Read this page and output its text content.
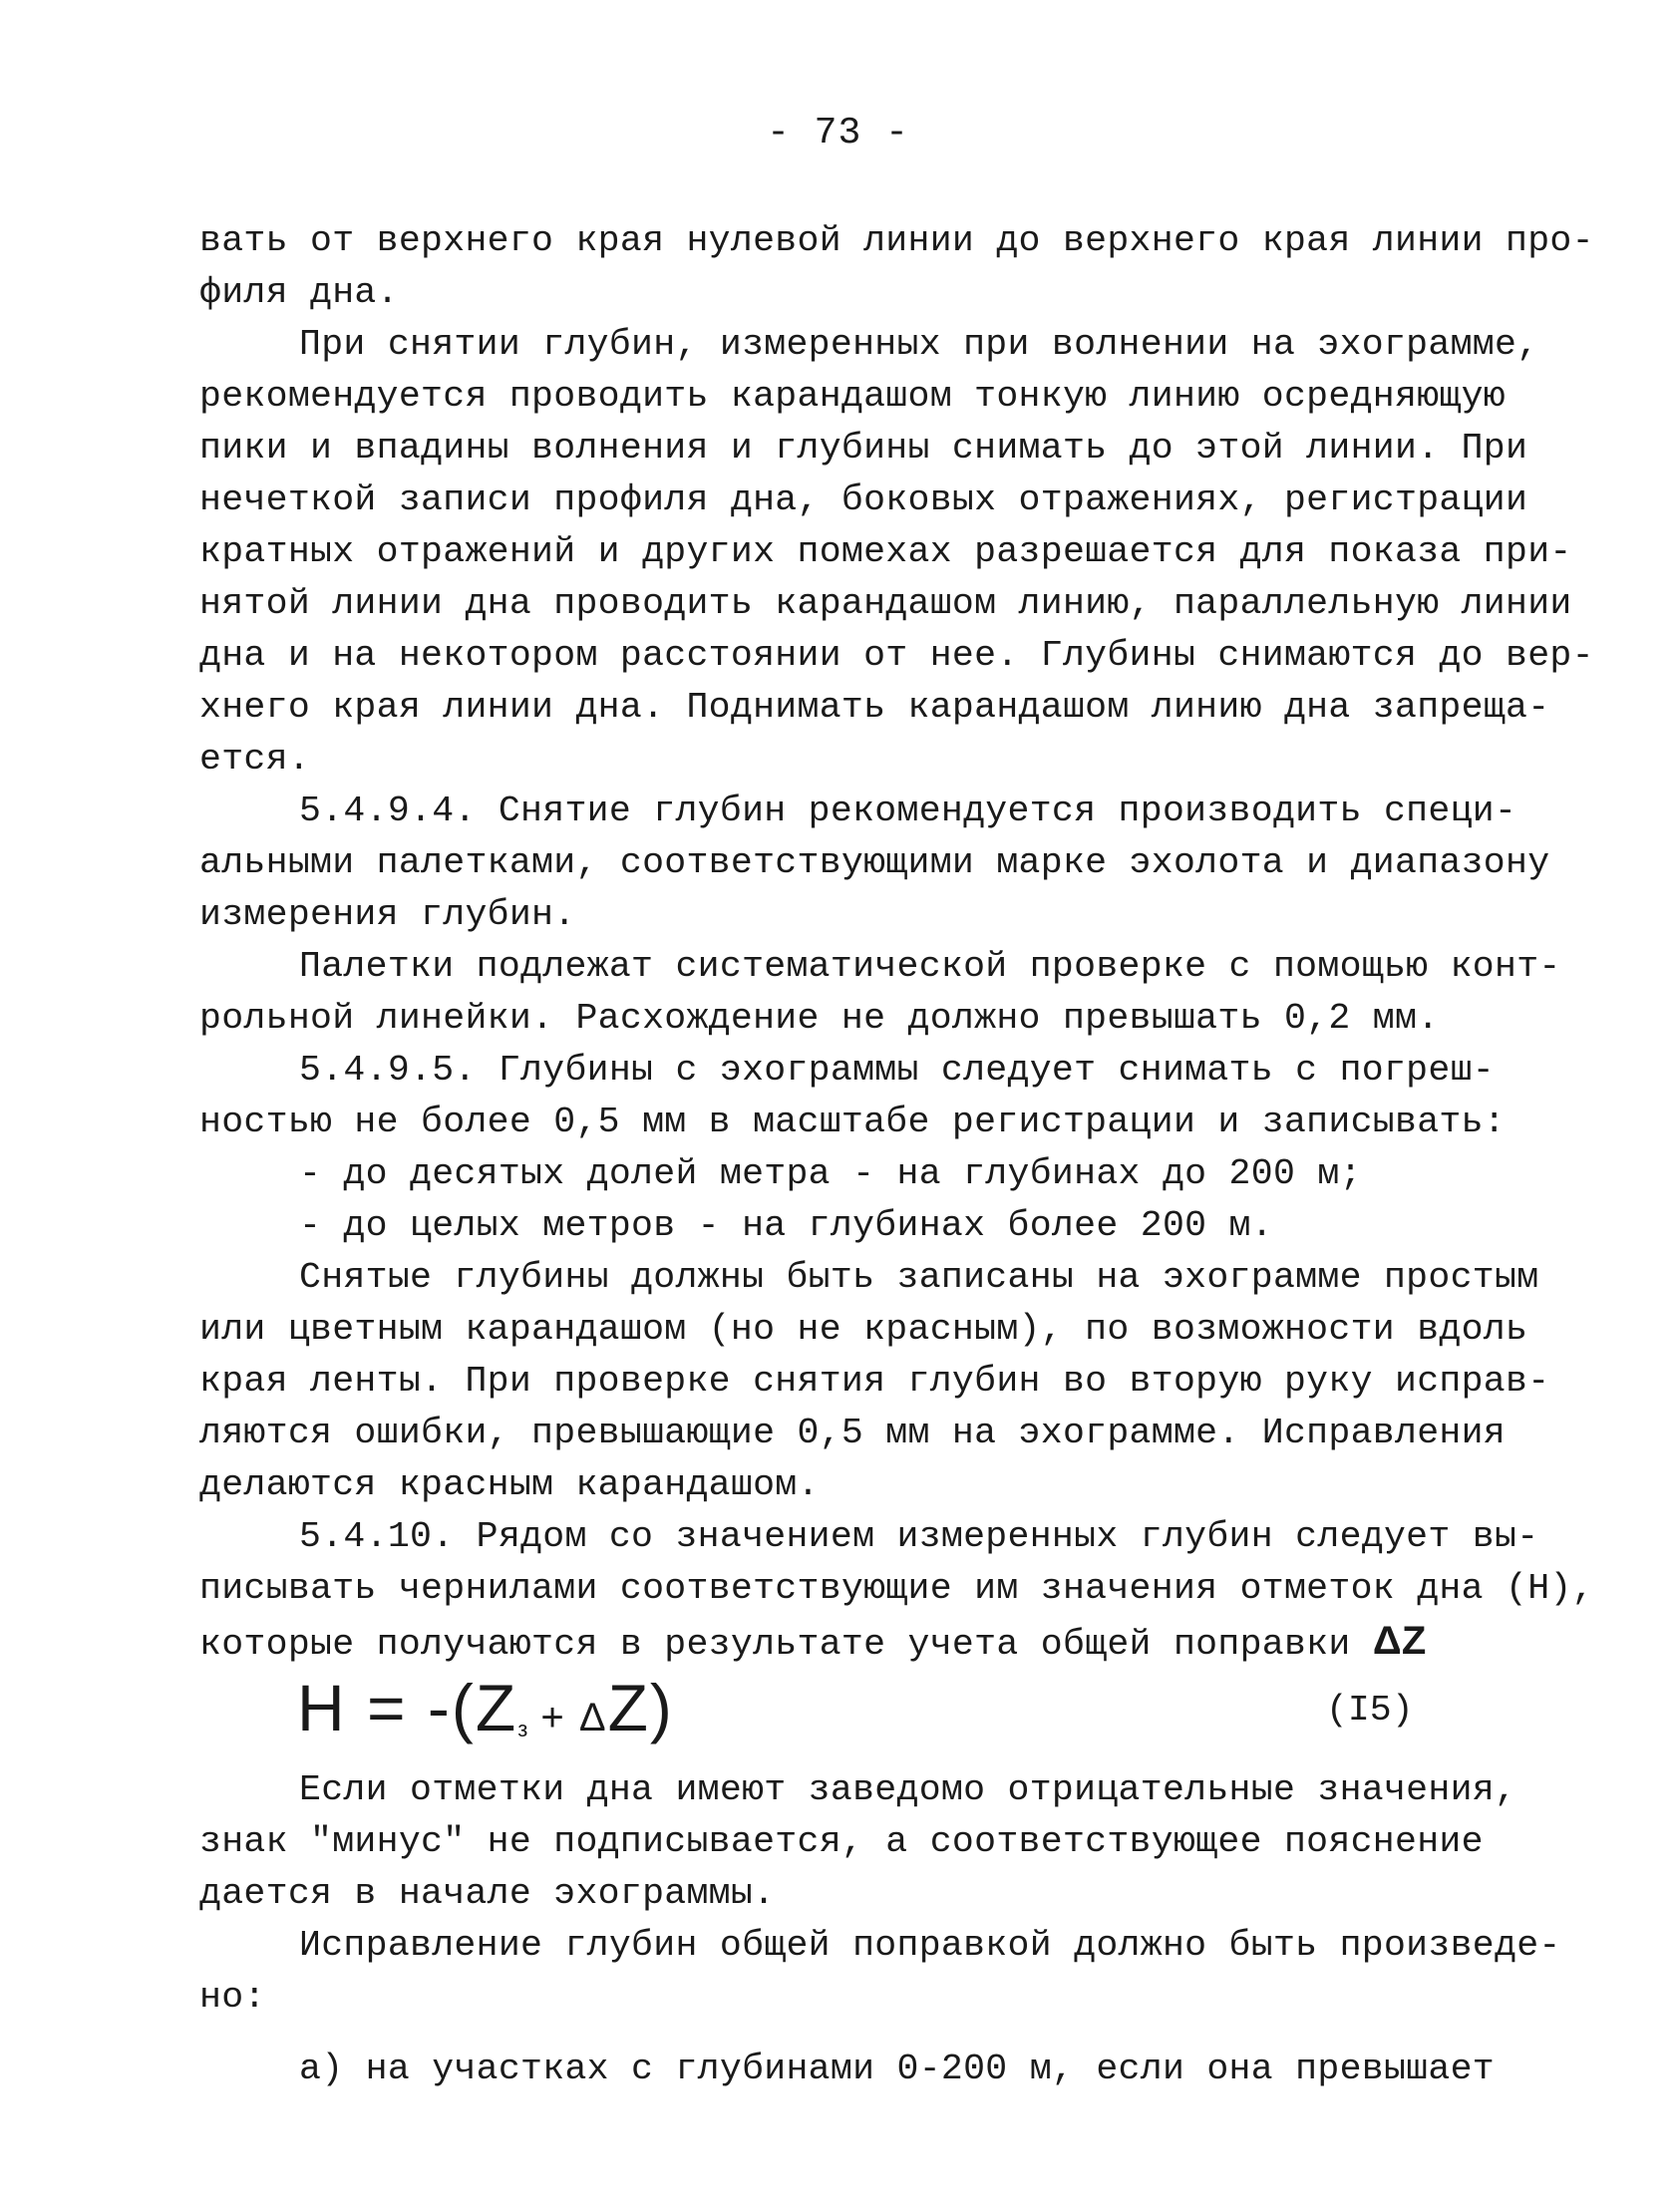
- 73 -
вать от верхнего края нулевой линии до верхнего края линии про-
филя дна.
При снятии глубин, измеренных при волнении на эхограмме,
рекомендуется проводить карандашом тонкую линию осредняющую
пики и впадины волнения и глубины снимать до этой линии. При
нечеткой записи профиля дна, боковых отражениях, регистрации
кратных отражений и других помехах разрешается для показа при-
нятой линии дна проводить карандашом линию, параллельную линии
дна и на некотором расстоянии от нее. Глубины снимаются до вер-
хнего края линии дна. Поднимать карандашом линию дна запреща-
ется.
5.4.9.4. Снятие глубин рекомендуется производить специ-
альными палетками, соответствующими марке эхолота и диапазону
измерения глубин.
Палетки подлежат систематической проверке с помощью конт-
рольной линейки. Расхождение не должно превышать 0,2 мм.
5.4.9.5. Глубины с эхограммы следует снимать с погреш-
ностью не более 0,5 мм в масштабе регистрации и записывать:
- до десятых долей метра - на глубинах до 200 м;
- до целых метров - на глубинах более 200 м.
Снятые глубины должны быть записаны на эхограмме простым
или цветным карандашом (но не красным), по возможности вдоль
края ленты. При проверке снятия глубин во вторую руку исправ-
ляются ошибки, превышающие 0,5 мм на эхограмме. Исправления
делаются красным карандашом.
5.4.10. Рядом со значением измеренных глубин следует вы-
писывать чернилами соответствующие им значения отметок дна (Н),
которые получаются в результате учета общей поправки ΔZ
$H = -(Z_з + \Delta Z)$	(I5)
Если отметки дна имеют заведомо отрицательные значения,
знак "минус" не подписывается, а соответствующее пояснение
дается в начале эхограммы.
Исправление глубин общей поправкой должно быть произведе-
но:
а) на участках с глубинами 0-200 м, если она превышает
